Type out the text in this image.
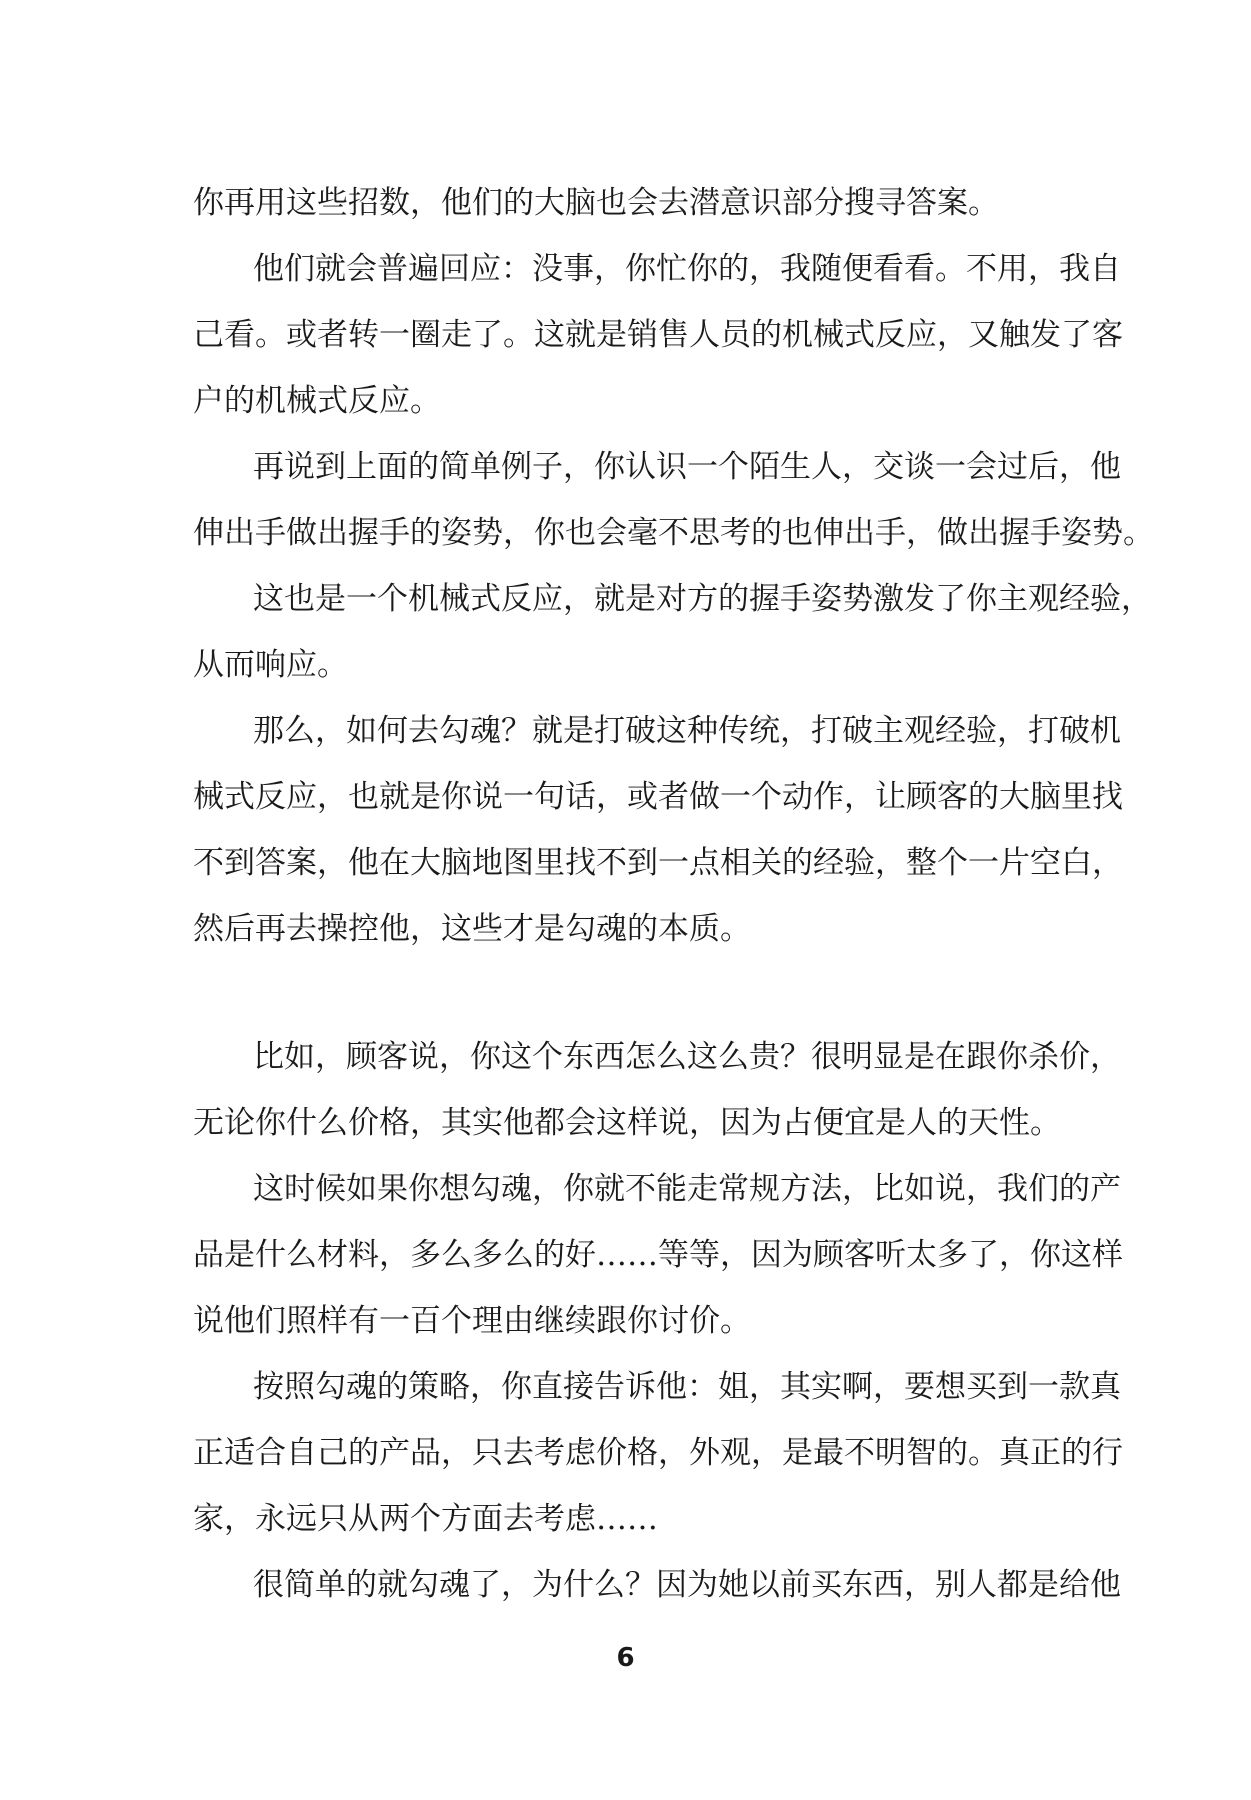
你再用这些招数，他们的大脑也会去潜意识部分搜寻答案。
他们就会普遍回应：没事，你忙你的，我随便看看。不用，我自
己看。或者转一圈走了。这就是销售人员的机械式反应，又触发了客
户的机械式反应。
再说到上面的简单例子，你认识一个陌生人，交谈一会过后，他
伸出手做出握手的姿势，你也会毫不思考的也伸出手，做出握手姿势。
这也是一个机械式反应，就是对方的握手姿势激发了你主观经验，
从而响应。
那么，如何去勾魂？就是打破这种传统，打破主观经验，打破机
械式反应，也就是你说一句话，或者做一个动作，让顾客的大脑里找
不到答案，他在大脑地图里找不到一点相关的经验，整个一片空白，
然后再去操控他，这些才是勾魂的本质。
比如，顾客说，你这个东西怎么这么贵？很明显是在跟你杀价，
无论你什么价格，其实他都会这样说，因为占便宜是人的天性。
这时候如果你想勾魂，你就不能走常规方法，比如说，我们的产
品是什么材料，多么多么的好……等等，因为顾客听太多了，你这样
说他们照样有一百个理由继续跟你讨价。
按照勾魂的策略，你直接告诉他：姐，其实啊，要想买到一款真
正适合自己的产品，只去考虑价格，外观，是最不明智的。真正的行
家，永远只从两个方面去考虑……
很简单的就勾魂了，为什么？因为她以前买东西，别人都是给他
6
